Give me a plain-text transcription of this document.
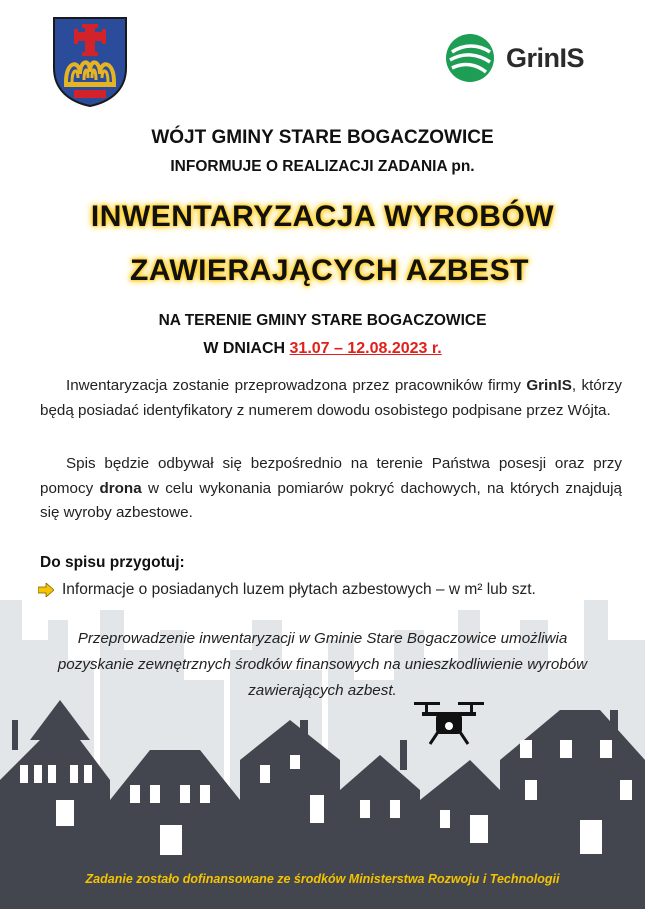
GrinIS
WÓJT GMINY STARE BOGACZOWICE
INFORMUJE O REALIZACJI ZADANIA pn.
INWENTARYZACJA WYROBÓW
ZAWIERAJĄCYCH AZBEST
NA TERENIE GMINY STARE BOGACZOWICE
W DNIACH 31.07 – 12.08.2023 r.
Inwentaryzacja zostanie przeprowadzona przez pracowników firmy GrinIS, którzy będą posiadać identyfikatory z numerem dowodu osobistego podpisane przez Wójta.
Spis będzie odbywał się bezpośrednio na terenie Państwa posesji oraz przy pomocy drona w celu wykonania pomiarów pokryć dachowych, na których znajdują się wyroby azbestowe.
Do spisu przygotuj:
Informacje o posiadanych luzem płytach azbestowych – w m² lub szt.
Przeprowadzenie inwentaryzacji w Gminie Stare Bogaczowice umożliwia pozyskanie zewnętrznych środków finansowych na unieszkodliwienie wyrobów zawierających azbest.
Zadanie zostało dofinansowane ze środków Ministerstwa Rozwoju i Technologii
